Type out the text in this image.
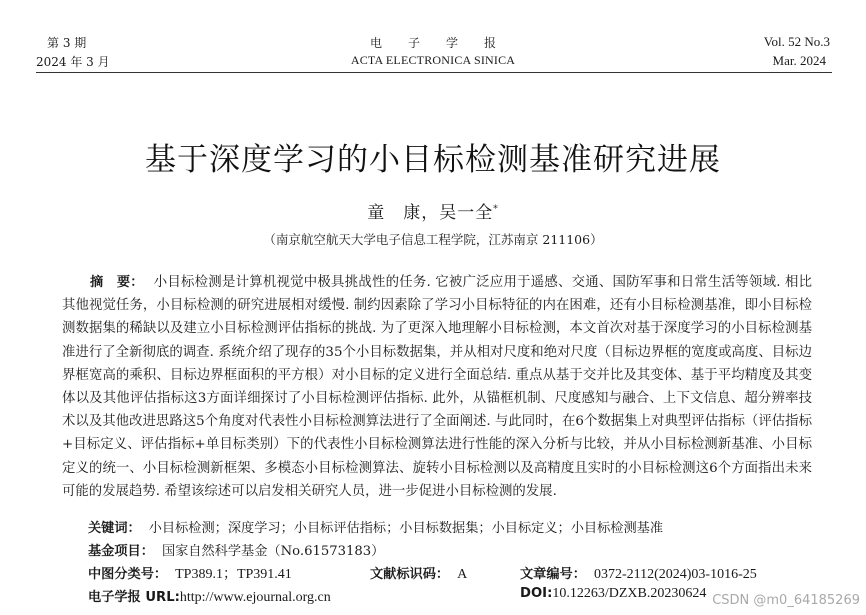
第 3 期
2024 年 3 月
电子学报
ACTA ELECTRONICA SINICA
Vol. 52 No.3
Mar. 2024
基于深度学习的小目标检测基准研究进展
童　康，吴一全*
（南京航空航天大学电子信息工程学院，江苏南京 211106）

摘　要： 小目标检测是计算机视觉中极具挑战性的任务. 它被广泛应用于遥感、交通、国防军事和日常生活等领域. 相比其他视觉任务，小目标检测的研究进展相对缓慢. 制约因素除了学习小目标特征的内在困难，还有小目标检测基准，即小目标检测数据集的稀缺以及建立小目标检测评估指标的挑战. 为了更深入地理解小目标检测，本文首次对基于深度学习的小目标检测基准进行了全新彻底的调查. 系统介绍了现存的35个小目标数据集，并从相对尺度和绝对尺度（目标边界框的宽度或高度、目标边界框宽高的乘积、目标边界框面积的平方根）对小目标的定义进行全面总结. 重点从基于交并比及其变体、基于平均精度及其变体以及其他评估指标这3方面详细探讨了小目标检测评估指标. 此外，从锚框机制、尺度感知与融合、上下文信息、超分辨率技术以及其他改进思路这5个角度对代表性小目标检测算法进行了全面阐述. 与此同时，在6个数据集上对典型评估指标（评估指标+目标定义、评估指标+单目标类别）下的代表性小目标检测算法进行性能的深入分析与比较，并从小目标检测新基准、小目标定义的统一、小目标检测新框架、多模态小目标检测算法、旋转小目标检测以及高精度且实时的小目标检测这6个方面指出未来可能的发展趋势. 希望该综述可以启发相关研究人员，进一步促进小目标检测的发展.

关键词： 小目标检测；深度学习；小目标评估指标；小目标数据集；小目标定义；小目标检测基准
基金项目： 国家自然科学基金（No.61573183）
中图分类号： TP389.1；TP391.41	文献标识码： A	文章编号： 0372-2112(2024)03-1016-25
电子学报 URL:http://www.ejournal.org.cn	DOI:10.12263/DZXB.20230624 CSDN @m0_64185269
